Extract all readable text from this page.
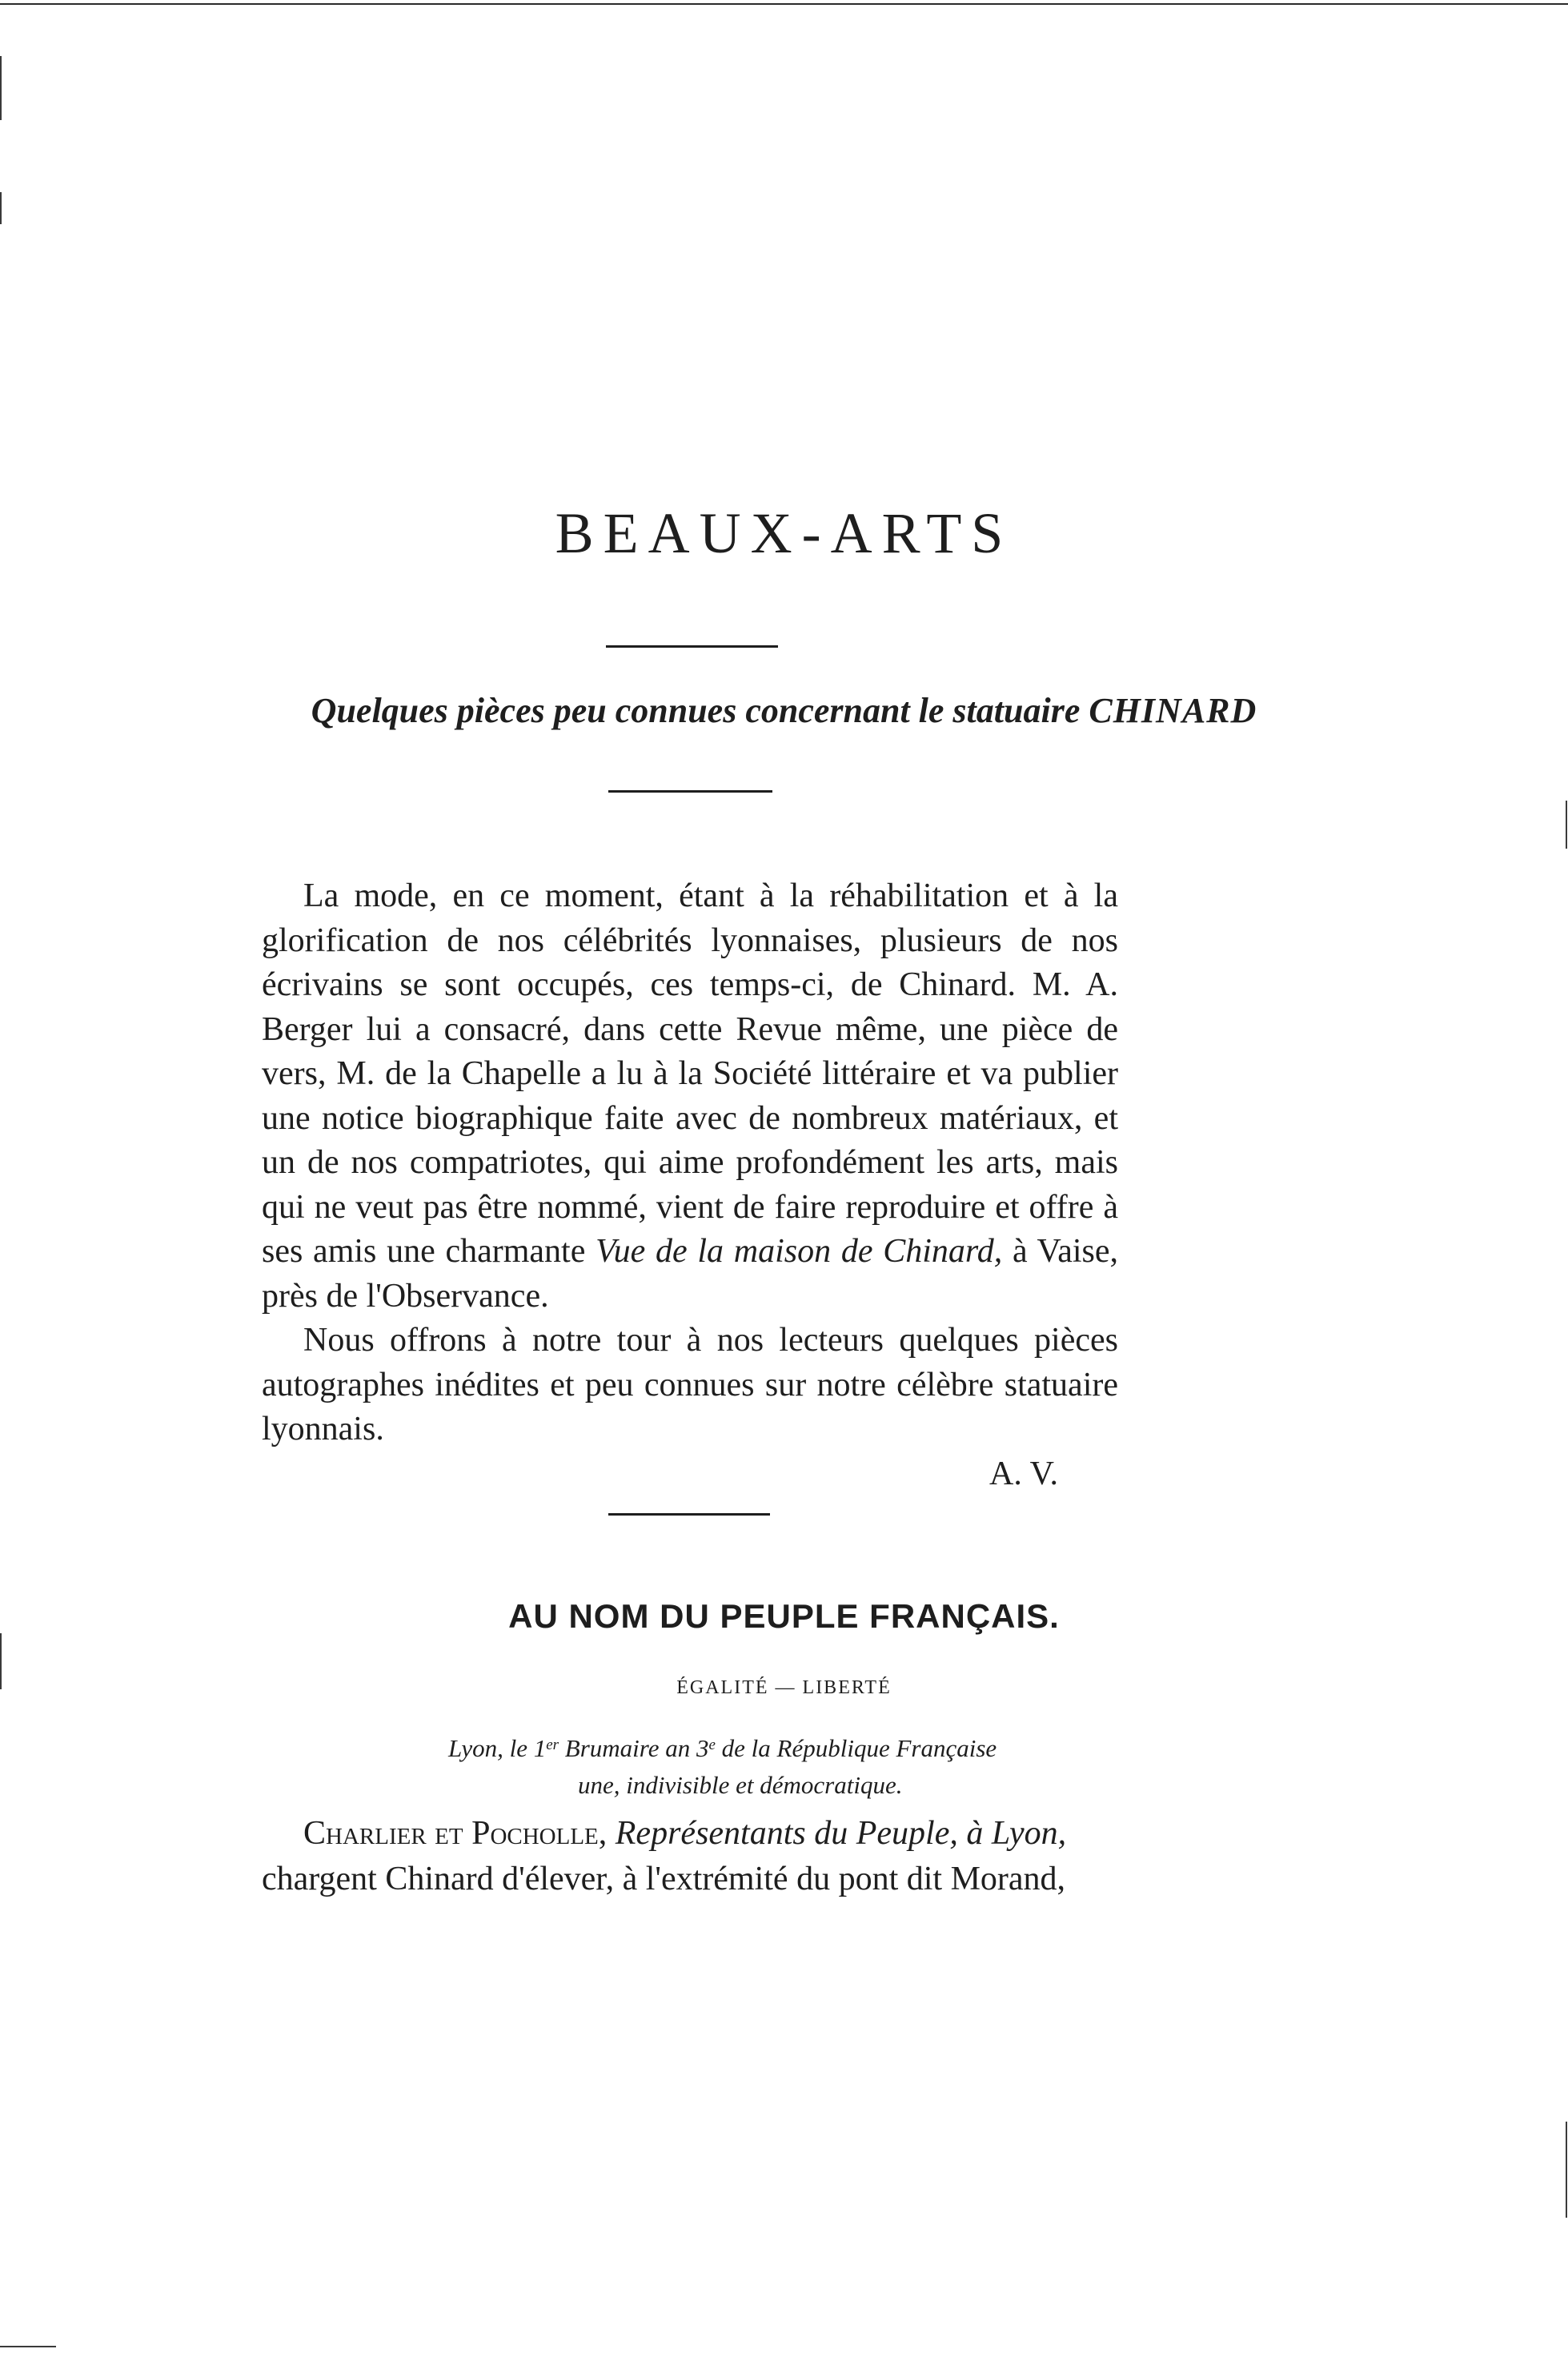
BEAUX-ARTS
Quelques pièces peu connues concernant le statuaire CHINARD

La mode, en ce moment, étant à la réhabilitation et à la glorification de nos célébrités lyonnaises, plusieurs de nos écrivains se sont occupés, ces temps-ci, de Chinard. M. A. Berger lui a consacré, dans cette Revue même, une pièce de vers, M. de la Chapelle a lu à la Société littéraire et va publier une notice biographique faite avec de nombreux matériaux, et un de nos compatriotes, qui aime profondément les arts, mais qui ne veut pas être nommé, vient de faire reproduire et offre à ses amis une charmante Vue de la maison de Chinard, à Vaise, près de l'Observance.

Nous offrons à notre tour à nos lecteurs quelques pièces autographes inédites et peu connues sur notre célèbre statuaire lyonnais.

A. V.
AU NOM DU PEUPLE FRANÇAIS.
ÉGALITÉ — LIBERTÉ
Lyon, le 1er Brumaire an 3e de la République Française
une, indivisible et démocratique.

Charlier et Pocholle, Représentants du Peuple, à Lyon, chargent Chinard d'élever, à l'extrémité du pont dit Morand,
